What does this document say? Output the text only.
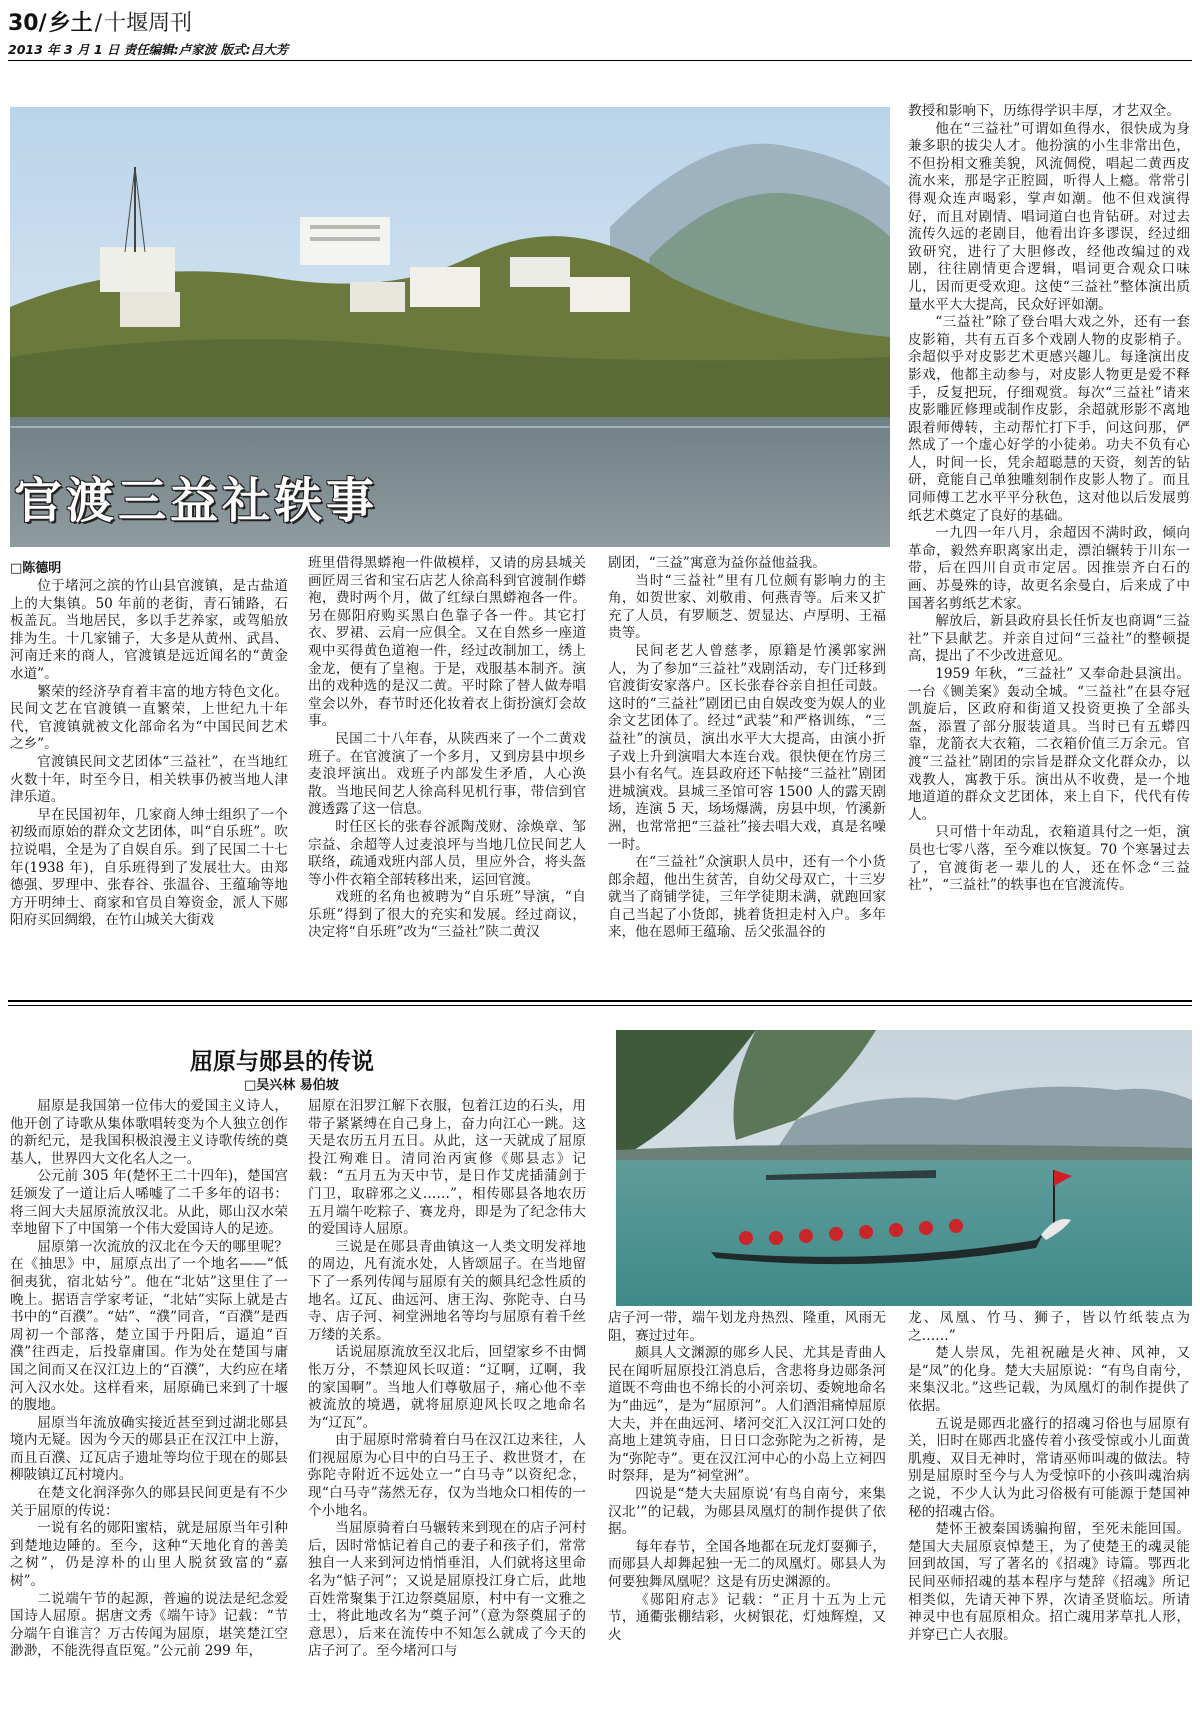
30/ 乡土 / 十堰周刊
2013 年 3 月 1 日 责任编辑:卢家波 版式:吕大芳
官渡三益社轶事
□陈德明

位于堵河之滨的竹山县官渡镇，是古盐道上的大集镇。50 年前的老街，青石铺路，石板盖瓦。当地居民，多以手艺养家，或驾船放排为生。十几家铺子，大多是从黄州、武昌、河南迁来的商人，官渡镇是远近闻名的“黄金水道”。

繁荣的经济孕育着丰富的地方特色文化。民间文艺在官渡镇一直繁荣，上世纪九十年代，官渡镇就被文化部命名为“中国民间艺术之乡”。

官渡镇民间文艺团体“三益社”，在当地红火数十年，时至今日，相关轶事仍被当地人津津乐道。

早在民国初年，几家商人绅士组织了一个初级而原始的群众文艺团体，叫“自乐班”。吹拉说唱，全是为了自娱自乐。到了民国二十七年(1938 年)，自乐班得到了发展壮大。由郑德强、罗理中、张春谷、张温谷、王蕴瑜等地方开明绅士、商家和官员自筹资金，派人下郧阳府买回绸缎，在竹山城关大街戏

班里借得黑蟒袍一件做模样，又请的房县城关画匠周三省和宝石店艺人徐高科到官渡制作蟒袍，费时两个月，做了红绿白黑蟒袍各一件。另在郧阳府购买黑白色靠子各一件。其它打衣、罗裙、云肩一应俱全。又在自然乡一座道观中买得黄色道袍一件，经过改制加工，绣上金龙，便有了皇袍。于是，戏服基本制齐。演出的戏种选的是汉二黄。平时除了替人做寿唱堂会以外，春节时还化妆着衣上街扮演灯会故事。

民国二十八年春，从陕西来了一个二黄戏班子。在官渡演了一个多月，又到房县中坝乡麦浪坪演出。戏班子内部发生矛盾，人心涣散。当地民间艺人徐高科见机行事，带信到官渡透露了这一信息。

时任区长的张春谷派陶茂财、涂焕章、邹宗益、余超等人过麦浪坪与当地几位民间艺人联络，疏通戏班内部人员，里应外合，将头盔等小件衣箱全部转移出来，运回官渡。

戏班的名角也被聘为“自乐班”导演，“自乐班”得到了很大的充实和发展。经过商议，决定将“自乐班”改为“三益社”陕二黄汉

剧团，“三益”寓意为益你益他益我。

当时“三益社”里有几位颇有影响力的主角，如贺世家、刘敬甫、何燕青等。后来又扩充了人员，有罗顺芝、贺显达、卢厚明、王福贵等。

民间老艺人曾慈孝，原籍是竹溪郭家洲人，为了参加“三益社”戏剧活动，专门迁移到官渡街安家落户。区长张春谷亲自担任司鼓。这时的“三益社”剧团已由自娱改变为娱人的业余文艺团体了。经过“武装”和严格训练，“三益社”的演员，演出水平大大提高，由演小折子戏上升到演唱大本连台戏。很快便在竹房三县小有名气。连县政府还下帖接“三益社”剧团进城演戏。县城三圣馆可容 1500 人的露天剧场，连演 5 天，场场爆满，房县中坝，竹溪新洲，也常常把“三益社”接去唱大戏，真是名噪一时。

在“三益社”众演职人员中，还有一个小货郎余超，他出生贫苦，自幼父母双亡，十三岁就当了商铺学徒，三年学徒期未满，就跑回家自己当起了小货郎，挑着货担走村入户。多年来，他在恩师王蕴瑜、岳父张温谷的

教授和影响下，历练得学识丰厚，才艺双全。

他在“三益社”可谓如鱼得水，很快成为身兼多职的拔尖人才。他扮演的小生非常出色，不但扮相文雅美貌，风流倜傥，唱起二黄西皮流水来，那是字正腔圆，听得人上瘾。常常引得观众连声喝彩，掌声如潮。他不但戏演得好，而且对剧情、唱词道白也肯钻研。对过去流传久远的老剧目，他看出许多谬误，经过细致研究，进行了大胆修改，经他改编过的戏剧，往往剧情更合逻辑，唱词更合观众口味儿，因而更受欢迎。这使“三益社”整体演出质量水平大大提高，民众好评如潮。

“三益社”除了登台唱大戏之外，还有一套皮影箱，共有五百多个戏剧人物的皮影梢子。余超似乎对皮影艺术更感兴趣儿。每逢演出皮影戏，他都主动参与，对皮影人物更是爱不释手，反复把玩，仔细观赏。每次“三益社”请来皮影雕匠修理或制作皮影，余超就形影不离地跟着师傅转，主动帮忙打下手，问这问那，俨然成了一个虚心好学的小徒弟。功夫不负有心人，时间一长，凭余超聪慧的天资，刻苦的钻研，竟能自己单独雕刻制作皮影人物了。而且同师傅工艺水平平分秋色，这对他以后发展剪纸艺术奠定了良好的基础。

一九四一年八月，余超因不满时政，倾向革命，毅然弃职离家出走，漂泊辗转于川东一带，后在四川自贡市定居。因推崇齐白石的画、苏曼殊的诗，故更名余曼白，后来成了中国著名剪纸艺术家。

解放后，新县政府县长任忻友也商调“三益社”下县献艺。并亲自过问“三益社”的整顿提高，提出了不少改进意见。

1959 年秋，“三益社” 又奉命赴县演出。一台《铡美案》轰动全城。“三益社”在县夺冠凯旋后，区政府和街道又投资更换了全部头盔，添置了部分服装道具。当时已有五蟒四靠，龙箭衣大衣箱，二衣箱价值三万余元。官渡“三益社”剧团的宗旨是群众文化群众办，以戏教人，寓教于乐。演出从不收费，是一个地地道道的群众文艺团体，来上自下，代代有传人。

只可惜十年动乱，衣箱道具付之一炬，演员也七零八落，至今难以恢复。70 个寒暑过去了，官渡街老一辈儿的人，还在怀念“三益社”，“三益社”的轶事也在官渡流传。

屈原与郧县的传说
□吴兴林 易伯坡

屈原是我国第一位伟大的爱国主义诗人，他开创了诗歌从集体歌唱转变为个人独立创作的新纪元，是我国积极浪漫主义诗歌传统的奠基人，世界四大文化名人之一。

公元前 305 年(楚怀王二十四年)，楚国宫廷颁发了一道让后人唏嘘了二千多年的诏书：将三闾大夫屈原流放汉北。从此，郧山汉水荣幸地留下了中国第一个伟大爱国诗人的足迹。

屈原第一次流放的汉北在今天的哪里呢？在《抽思》中，屈原点出了一个地名——“低徊夷犹，宿北姑兮”。他在“北姑”这里住了一晚上。据语言学家考证，“北姑”实际上就是古书中的“百濮”。“姑”、“濮”同音，“百濮”是西周初一个部落，楚立国于丹阳后，逼迫“百濮”往西走，后投靠庸国。作为处在楚国与庸国之间而又在汉江边上的“百濮”，大约应在堵河入汉水处。这样看来，屈原确已来到了十堰的腹地。

屈原当年流放确实接近甚至到过湖北郧县境内无疑。因为今天的郧县正在汉江中上游，而且百濮、辽瓦店子遗址等均位于现在的郧县柳陂镇辽瓦村境内。

在楚文化润泽弥久的郧县民间更是有不少关于屈原的传说：

一说有名的郧阳蜜桔，就是屈原当年引种到楚地边陲的。至今，这种“天地化育的善美之树”，仍是淳朴的山里人脱贫致富的“嘉树”。

二说端午节的起源，普遍的说法是纪念爱国诗人屈原。据唐文秀《端午诗》记载：“节分端午自谁言？万古传闻为屈原，堪笑楚江空渺渺，不能洗得直臣冤。”公元前 299 年，

屈原在汨罗江解下衣服，包着江边的石头，用带子紧紧缚在自己身上，奋力向江心一跳。这天是农历五月五日。从此，这一天就成了屈原投江殉难日。清同治丙寅修《郧县志》记载：“五月五为天中节，是日作艾虎插蒲剑于门卫，取辟邪之义……”，相传郧县各地农历五月端午吃粽子、赛龙舟，即是为了纪念伟大的爱国诗人屈原。

三说是在郧县青曲镇这一人类文明发祥地的周边，凡有流水处，人皆颂屈子。在当地留下了一系列传闻与屈原有关的颇具纪念性质的地名。辽瓦、曲远河、唐王沟、弥陀寺、白马寺、店子河、祠堂洲地名等均与屈原有着千丝万缕的关系。

话说屈原流放至汉北后，回望家乡不由惆怅万分，不禁迎风长叹道：“辽啊，辽啊，我的家国啊”。当地人们尊敬屈子，痛心他不幸被流放的境遇，就将屈原迎风长叹之地命名为“辽瓦”。

由于屈原时常骑着白马在汉江边来往，人们视屈原为心目中的白马王子、救世贤才，在弥陀寺附近不远处立一“白马寺”以资纪念，现“白马寺”荡然无存，仅为当地众口相传的一个小地名。

当屈原骑着白马辗转来到现在的店子河村后，因时常惦记着自己的妻子和孩子们，常常独自一人来到河边悄悄垂泪，人们就将这里命名为“惦子河”；又说是屈原投江身亡后，此地百姓常聚集于江边祭奠屈原，村中有一文雅之士，将此地改名为“奠子河”（意为祭奠屈子的意思），后来在流传中不知怎么就成了今天的店子河了。至今堵河口与

店子河一带，端午划龙舟热烈、隆重，风雨无阻，赛过过年。

颇具人文渊源的郧乡人民、尤其是青曲人民在闻听屈原投江消息后，含悲将身边郧条河道既不弯曲也不绵长的小河亲切、委婉地命名为“曲远”，是为“屈原河”。人们酒泪痛悼屈原大夫，并在曲远河、堵河交汇入汉江河口处的高地上建筑寺庙，日日口念弥陀为之祈祷，是为“弥陀寺”。更在汉江河中心的小岛上立祠四时祭拜，是为“祠堂洲”。

四说是“楚大夫屈原说‘有鸟自南兮，来集汉北’”的记载，为郧县凤凰灯的制作提供了依据。

每年春节，全国各地都在玩龙灯耍狮子，而郧县人却舞起独一无二的凤凰灯。郧县人为何要独舞凤凰呢？这是有历史渊源的。

《郧阳府志》记载：“正月十五为上元节，通衢张棚结彩，火树银花，灯烛辉煌，又火

龙、凤凰、竹马、狮子，皆以竹纸装点为之……”

楚人崇凤，先祖祝融是火神、风神，又是“凤”的化身。楚大夫屈原说：“有鸟自南兮，来集汉北。”这些记载，为凤凰灯的制作提供了依据。

五说是郧西北盛行的招魂习俗也与屈原有关，旧时在郧西北盛传着小孩受惊或小儿面黄肌瘦、双目无神时，常请巫师叫魂的做法。特别是屈原时至今与人为受惊吓的小孩叫魂治病之说，不少人认为此习俗极有可能源于楚国神秘的招魂古俗。

楚怀王被秦国诱骗拘留，至死未能回国。楚国大夫屈原哀悼楚王，为了使楚王的魂灵能回到故国，写了著名的《招魂》诗篇。鄂西北民间巫师招魂的基本程序与楚辞《招魂》所记相类似，先请天神下界，次请圣贤临坛。所请神灵中也有屈原相众。招亡魂用茅草扎人形，并穿已亡人衣服。
